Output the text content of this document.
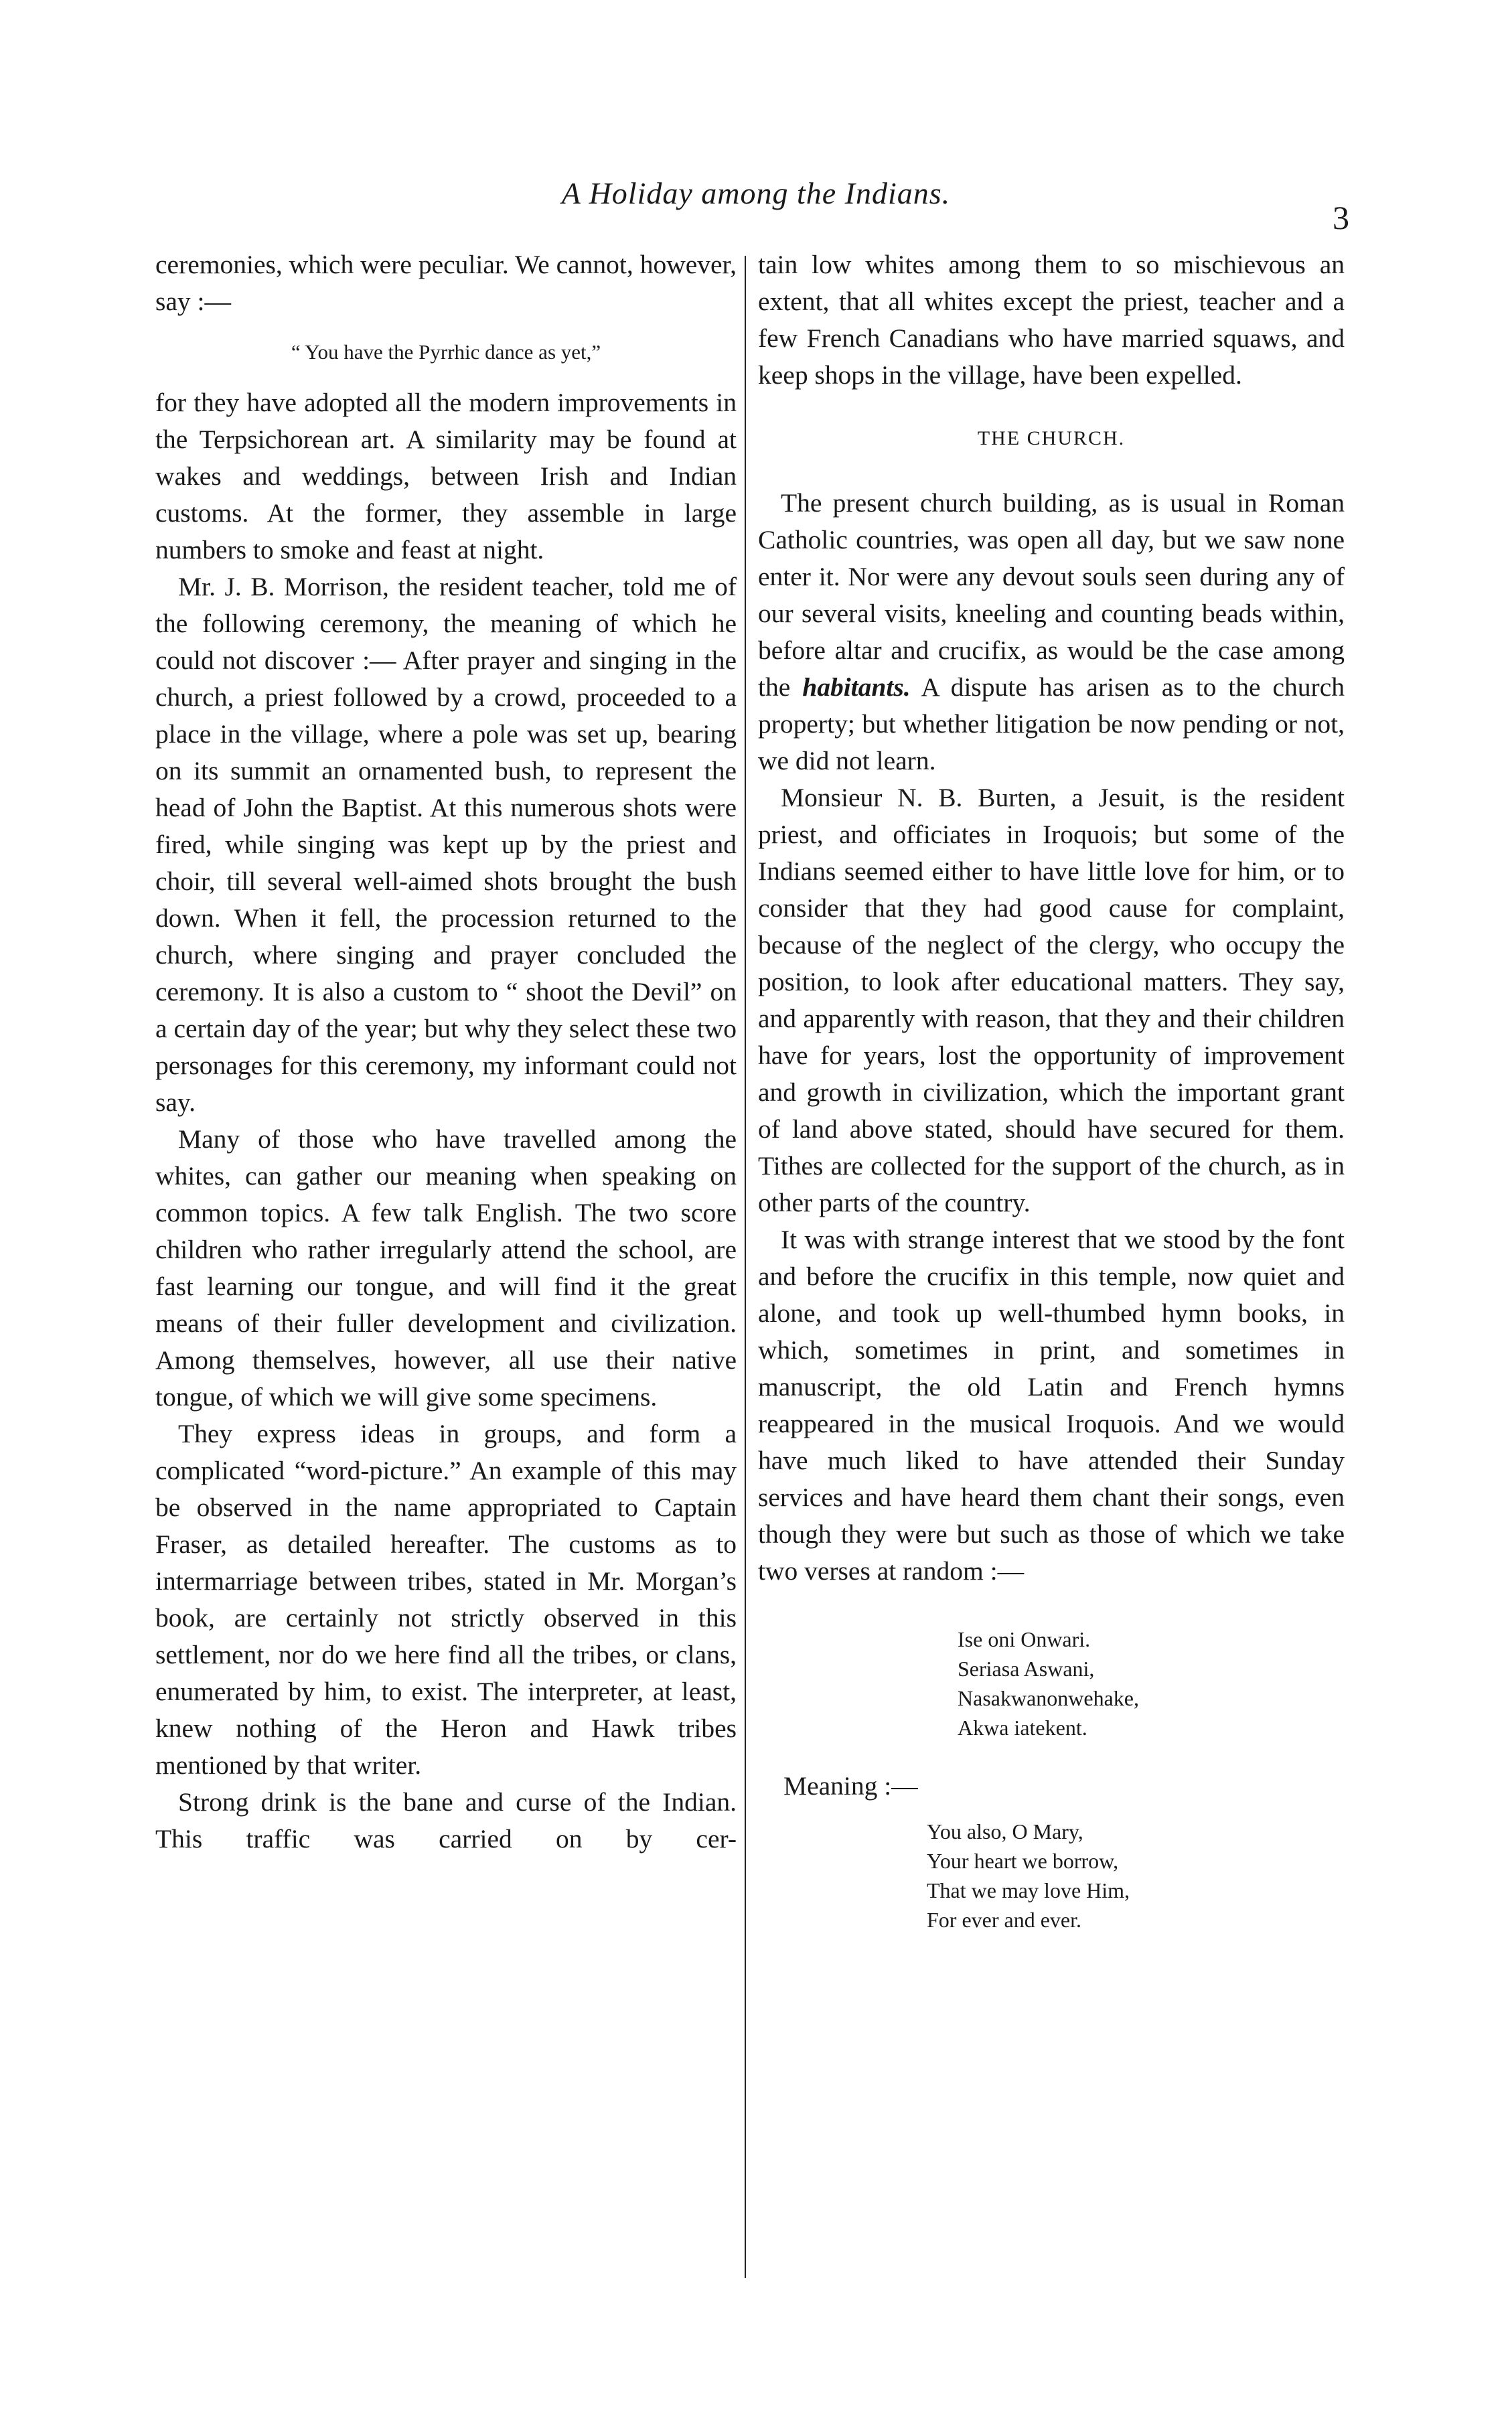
A Holiday among the Indians.
3

ceremonies, which were peculiar. We cannot, however, say :—

“ You have the Pyrrhic dance as yet,”

for they have adopted all the modern improvements in the Terpsichorean art. A similarity may be found at wakes and weddings, between Irish and Indian customs. At the former, they assemble in large numbers to smoke and feast at night.

Mr. J. B. Morrison, the resident teacher, told me of the following ceremony, the meaning of which he could not discover :— After prayer and singing in the church, a priest followed by a crowd, proceeded to a place in the village, where a pole was set up, bearing on its summit an ornamented bush, to represent the head of John the Baptist. At this numerous shots were fired, while singing was kept up by the priest and choir, till several well-aimed shots brought the bush down. When it fell, the procession returned to the church, where singing and prayer concluded the ceremony. It is also a custom to “ shoot the Devil” on a certain day of the year; but why they select these two personages for this ceremony, my informant could not say.

Many of those who have travelled among the whites, can gather our meaning when speaking on common topics. A few talk English. The two score children who rather irregularly attend the school, are fast learning our tongue, and will find it the great means of their fuller development and civilization. Among themselves, however, all use their native tongue, of which we will give some specimens.

They express ideas in groups, and form a complicated “word-picture.” An example of this may be observed in the name appropriated to Captain Fraser, as detailed hereafter. The customs as to intermarriage between tribes, stated in Mr. Morgan’s book, are certainly not strictly observed in this settlement, nor do we here find all the tribes, or clans, enumerated by him, to exist. The interpreter, at least, knew nothing of the Heron and Hawk tribes mentioned by that writer.

Strong drink is the bane and curse of the Indian. This traffic was carried on by cer-

tain low whites among them to so mischievous an extent, that all whites except the priest, teacher and a few French Canadians who have married squaws, and keep shops in the village, have been expelled.

THE CHURCH.

The present church building, as is usual in Roman Catholic countries, was open all day, but we saw none enter it. Nor were any devout souls seen during any of our several visits, kneeling and counting beads within, before altar and crucifix, as would be the case among the habitants. A dispute has arisen as to the church property; but whether litigation be now pending or not, we did not learn.

Monsieur N. B. Burten, a Jesuit, is the resident priest, and officiates in Iroquois; but some of the Indians seemed either to have little love for him, or to consider that they had good cause for complaint, because of the neglect of the clergy, who occupy the position, to look after educational matters. They say, and apparently with reason, that they and their children have for years, lost the opportunity of improvement and growth in civilization, which the important grant of land above stated, should have secured for them. Tithes are collected for the support of the church, as in other parts of the country.

It was with strange interest that we stood by the font and before the crucifix in this temple, now quiet and alone, and took up well-thumbed hymn books, in which, sometimes in print, and sometimes in manuscript, the old Latin and French hymns reappeared in the musical Iroquois. And we would have much liked to have attended their Sunday services and have heard them chant their songs, even though they were but such as those of which we take two verses at random :—

Ise oni Onwari.
Seriasa Aswani,
Nasakwanonwehake,
Akwa iatekent.
Meaning :—
You also, O Mary,
Your heart we borrow,
That we may love Him,
For ever and ever.
